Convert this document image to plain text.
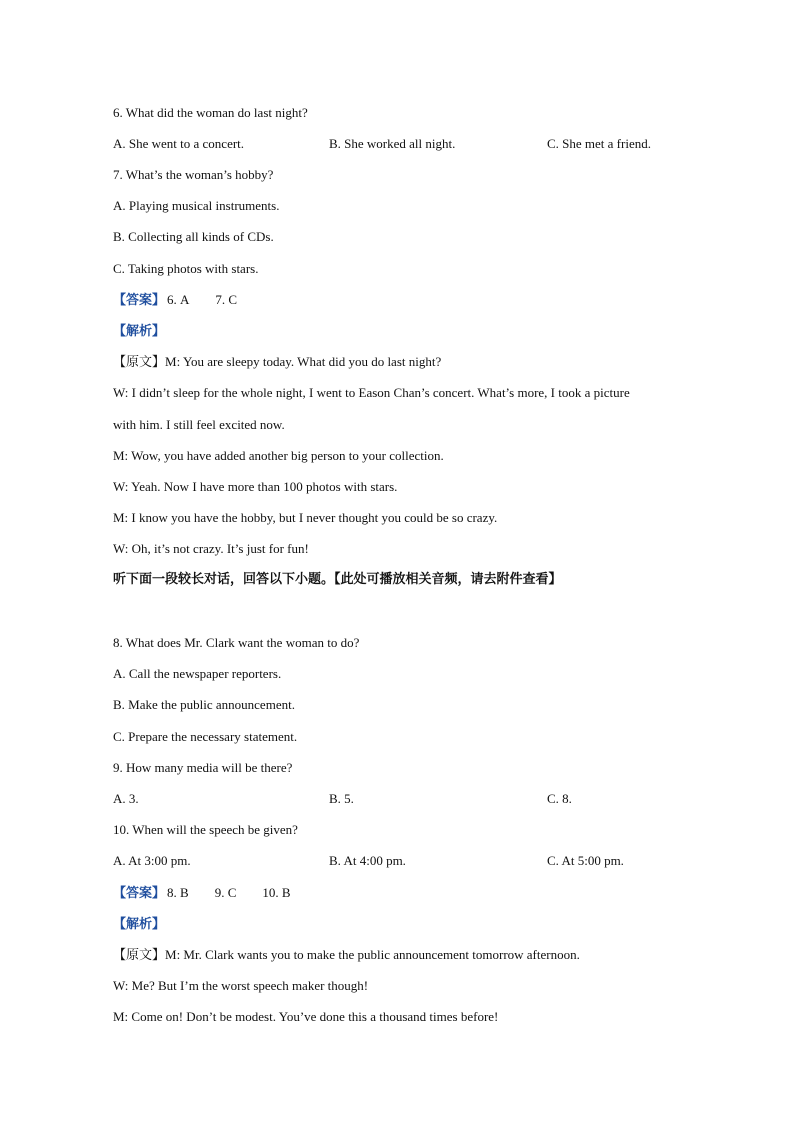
6. What did the woman do last night?
A. She went to a concert.	B. She worked all night.	C. She met a friend.
7. What’s the woman’s hobby?
A. Playing musical instruments.
B. Collecting all kinds of CDs.
C. Taking photos with stars.
【答案】 6. A 7. C
【解析】
【原文】M: You are sleepy today. What did you do last night?
W: I didn’t sleep for the whole night, I went to Eason Chan’s concert. What’s more, I took a picture
with him. I still feel excited now.
M: Wow, you have added another big person to your collection.
W: Yeah. Now I have more than 100 photos with stars.
M: I know you have the hobby, but I never thought you could be so crazy.
W: Oh, it’s not crazy. It’s just for fun!
听下面一段较长对话，回答以下小题。【此处可播放相关音频，请去附件查看】
8. What does Mr. Clark want the woman to do?
A. Call the newspaper reporters.
B. Make the public announcement.
C. Prepare the necessary statement.
9. How many media will be there?
A. 3.	B. 5.	C. 8.
10. When will the speech be given?
A. At 3:00 pm.	B. At 4:00 pm.	C. At 5:00 pm.
【答案】 8. B 9. C 10. B
【解析】
【原文】M: Mr. Clark wants you to make the public announcement tomorrow afternoon.
W: Me? But I’m the worst speech maker though!
M: Come on! Don’t be modest. You’ve done this a thousand times before!
